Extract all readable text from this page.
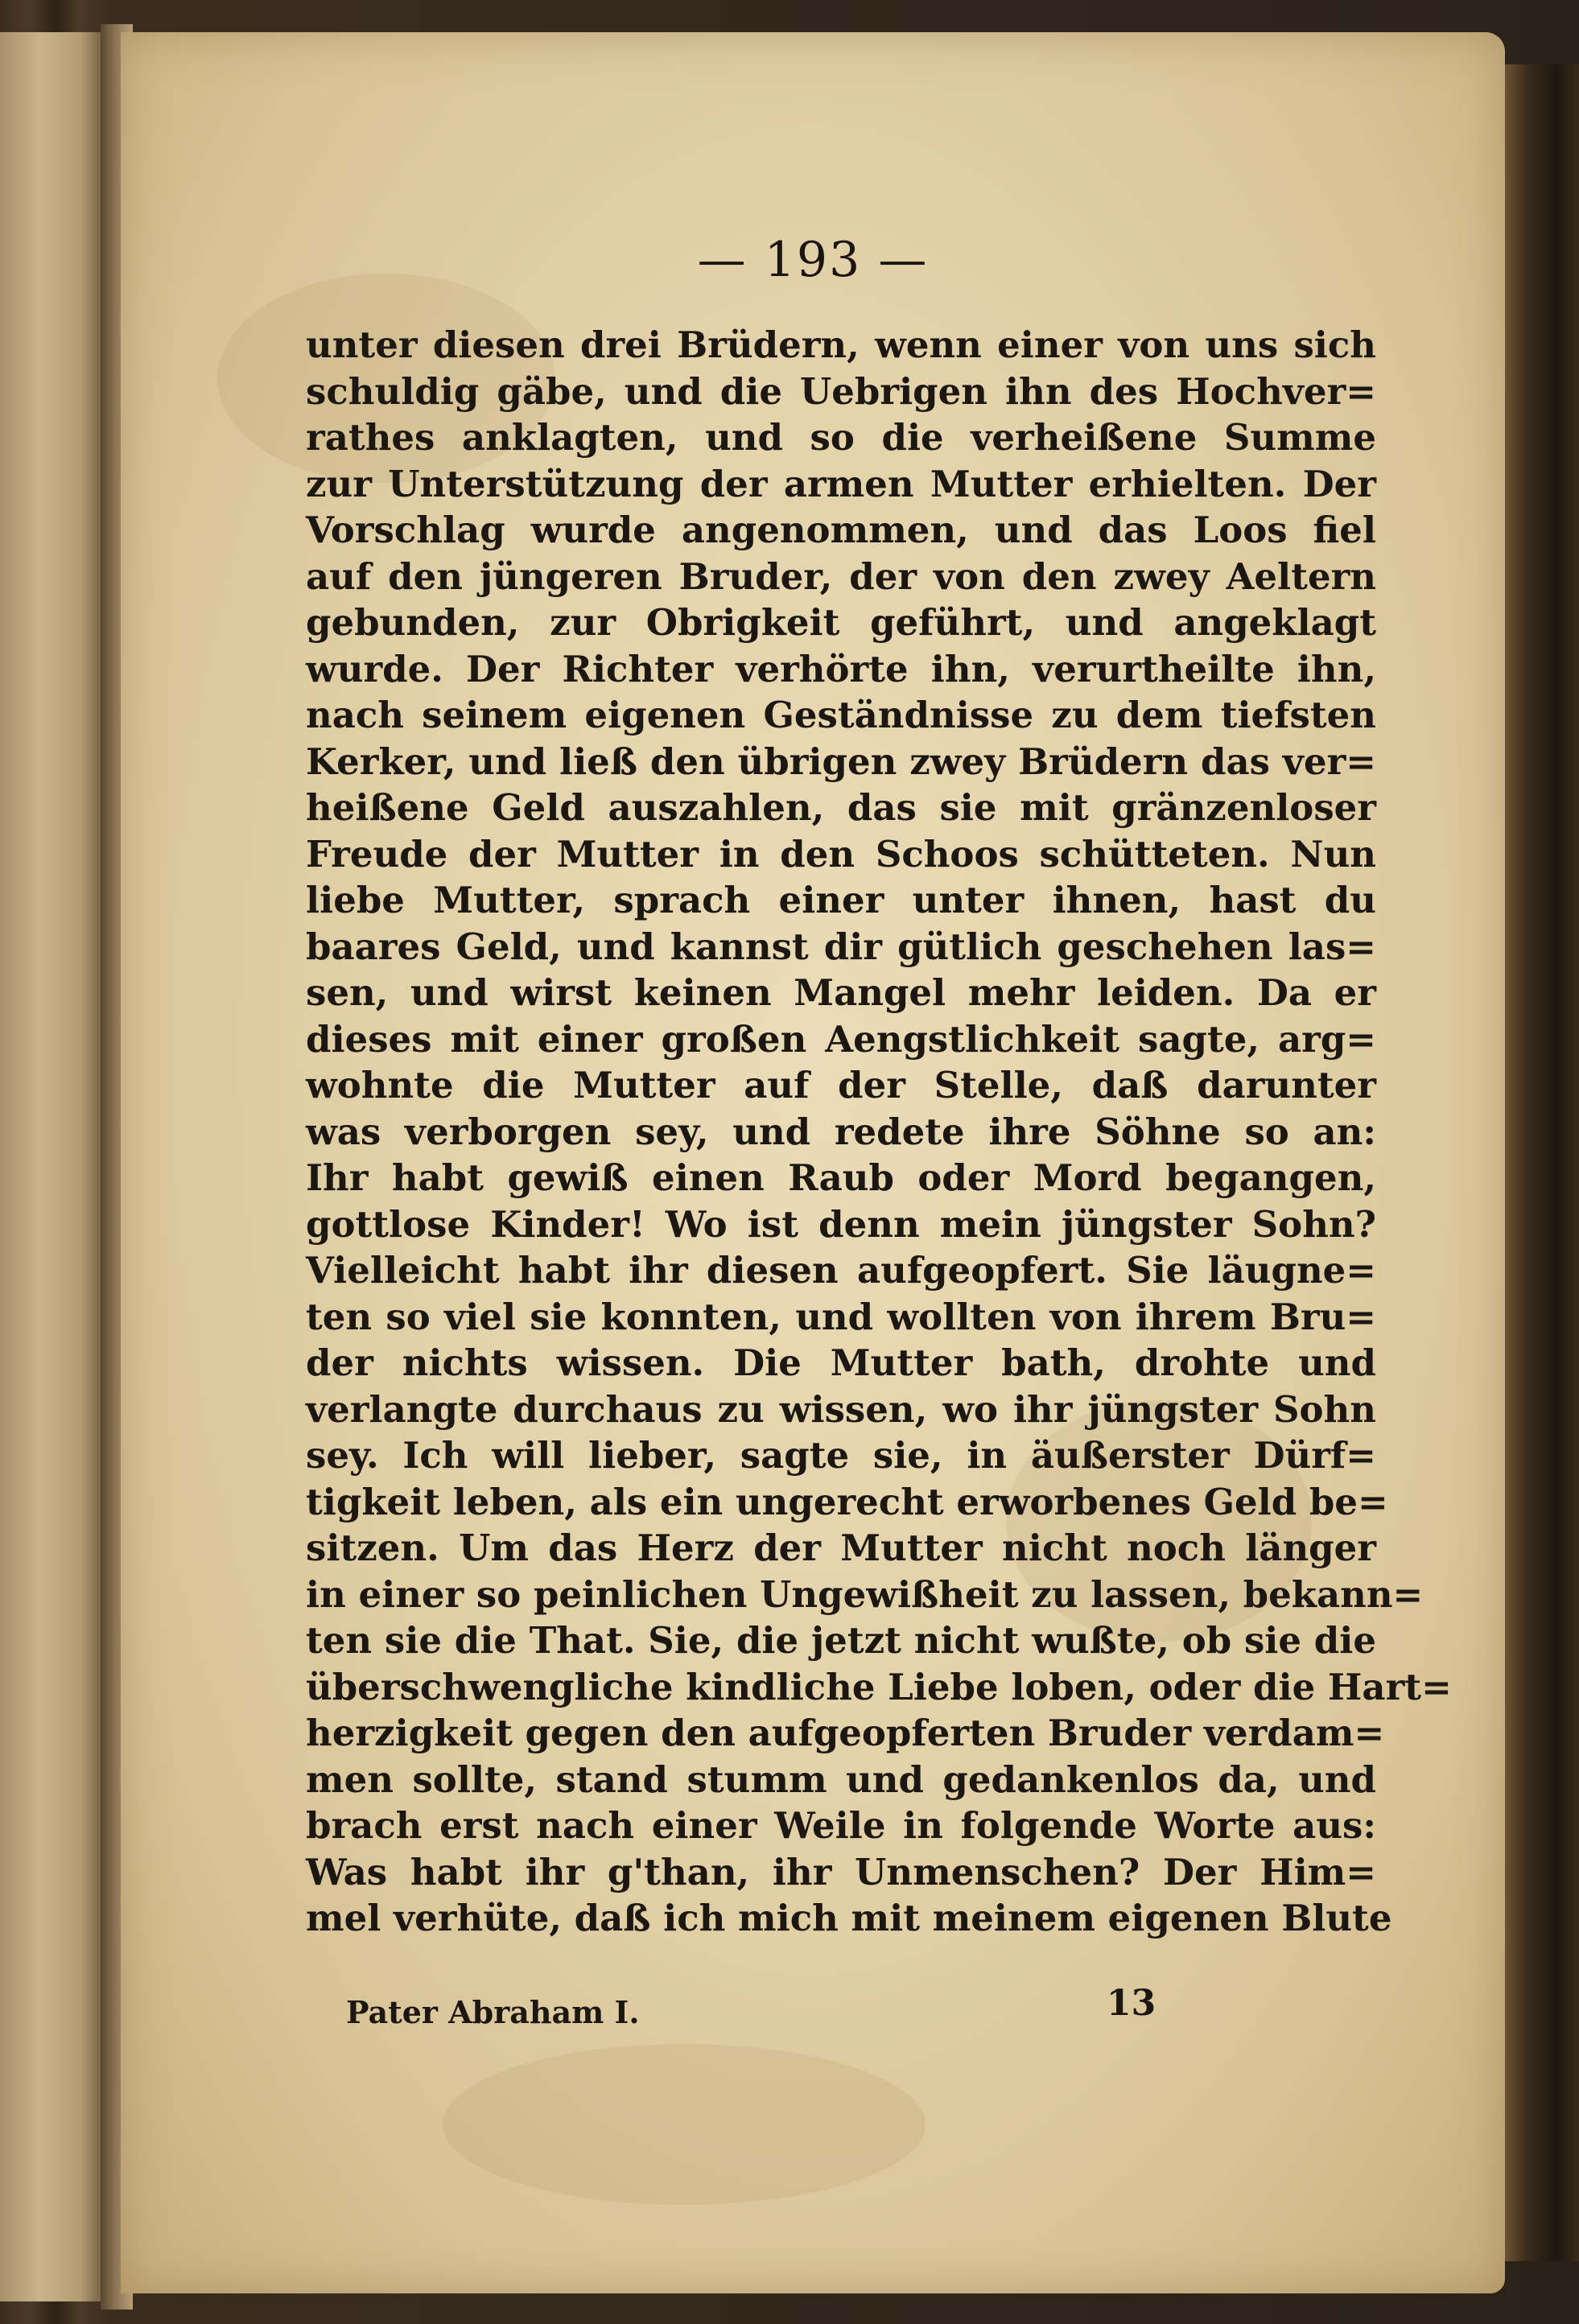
— 193 —
unter diesen drei Brüdern, wenn einer von uns sich
schuldig gäbe, und die Uebrigen ihn des Hochver=
rathes anklagten, und so die verheißene Summe
zur Unterstützung der armen Mutter erhielten. Der
Vorschlag wurde angenommen, und das Loos fiel
auf den jüngeren Bruder, der von den zwey Aeltern
gebunden, zur Obrigkeit geführt, und angeklagt
wurde. Der Richter verhörte ihn, verurtheilte ihn,
nach seinem eigenen Geständnisse zu dem tiefsten
Kerker, und ließ den übrigen zwey Brüdern das ver=
heißene Geld auszahlen, das sie mit gränzenloser
Freude der Mutter in den Schoos schütteten. Nun
liebe Mutter, sprach einer unter ihnen, hast du
baares Geld, und kannst dir gütlich geschehen las=
sen, und wirst keinen Mangel mehr leiden. Da er
dieses mit einer großen Aengstlichkeit sagte, arg=
wohnte die Mutter auf der Stelle, daß darunter
was verborgen sey, und redete ihre Söhne so an:
Ihr habt gewiß einen Raub oder Mord begangen,
gottlose Kinder! Wo ist denn mein jüngster Sohn?
Vielleicht habt ihr diesen aufgeopfert. Sie läugne=
ten so viel sie konnten, und wollten von ihrem Bru=
der nichts wissen. Die Mutter bath, drohte und
verlangte durchaus zu wissen, wo ihr jüngster Sohn
sey. Ich will lieber, sagte sie, in äußerster Dürf=
tigkeit leben, als ein ungerecht erworbenes Geld be=
sitzen. Um das Herz der Mutter nicht noch länger
in einer so peinlichen Ungewißheit zu lassen, bekann=
ten sie die That. Sie, die jetzt nicht wußte, ob sie die
überschwengliche kindliche Liebe loben, oder die Hart=
herzigkeit gegen den aufgeopferten Bruder verdam=
men sollte, stand stumm und gedankenlos da, und
brach erst nach einer Weile in folgende Worte aus:
Was habt ihr g'than, ihr Unmenschen? Der Him=
mel verhüte, daß ich mich mit meinem eigenen Blute
Pater Abraham I.	13
